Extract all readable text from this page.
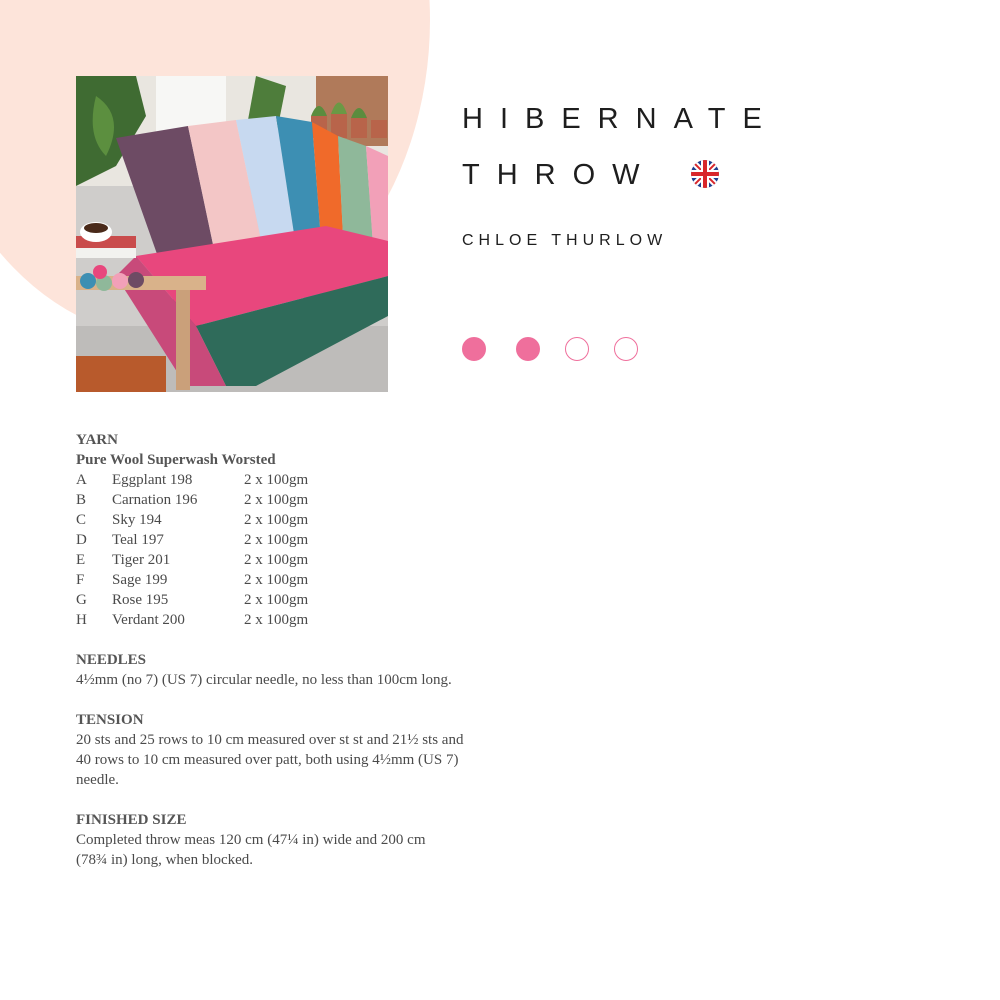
HIBERNATE
THROW

CHLOE THURLOW

YARN

Pure Wool Superwash Worsted

A	Eggplant 198	2 x 100gm
B	Carnation 196	2 x 100gm
C	Sky 194	2 x 100gm
D	Teal 197	2 x 100gm
E	Tiger 201	2 x 100gm
F	Sage 199	2 x 100gm
G	Rose 195	2 x 100gm
H	Verdant 200	2 x 100gm

NEEDLES

4½mm (no 7) (US 7) circular needle, no less than 100cm long.

TENSION

20 sts and 25 rows to 10 cm measured over st st and 21½ sts and

40 rows to 10 cm measured over patt, both using 4½mm (US 7)

needle.

FINISHED SIZE

Completed throw meas 120 cm (47¼ in) wide and 200 cm

(78¾ in) long, when blocked.
